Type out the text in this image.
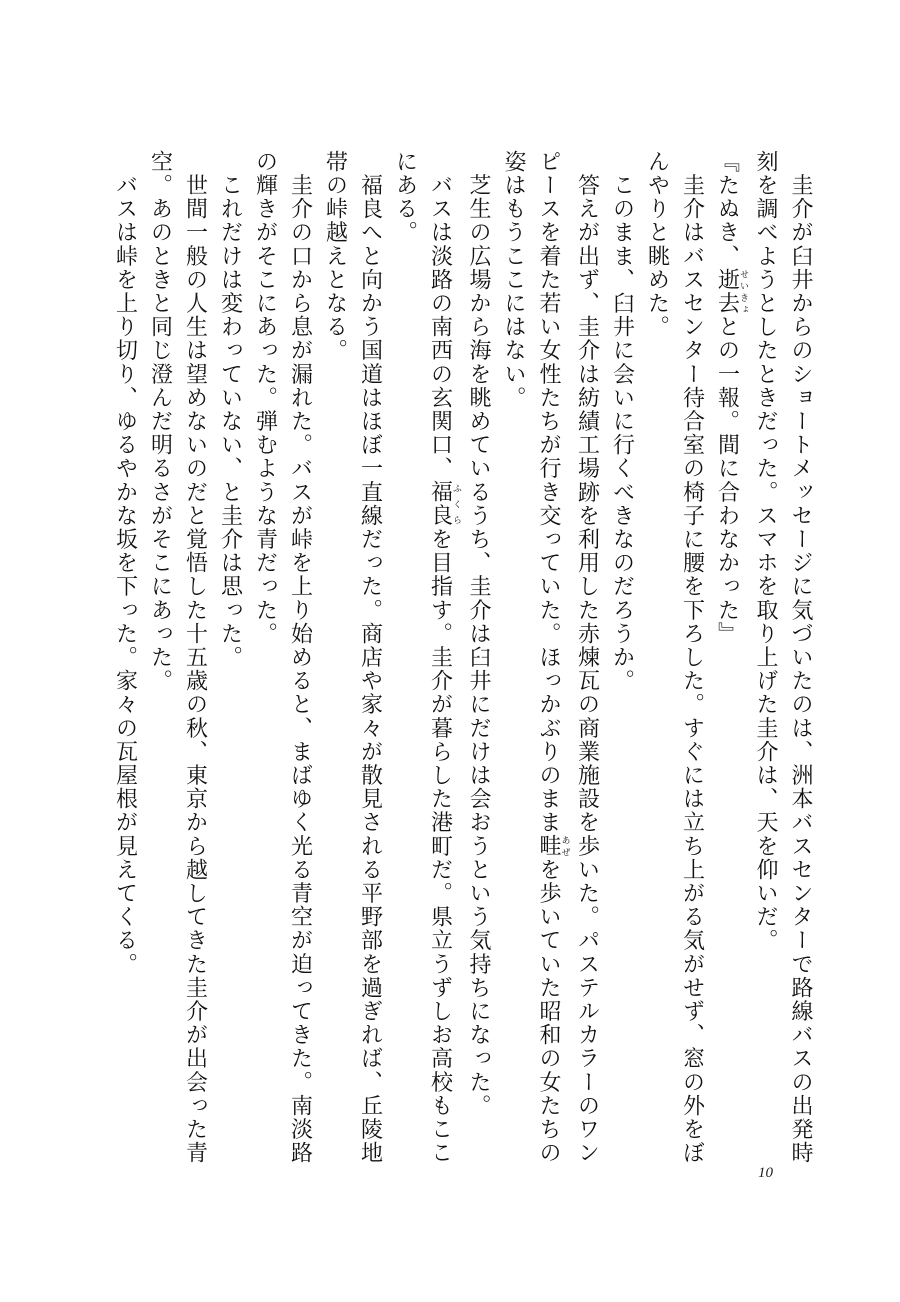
　圭介が臼井からのショートメッセージに気づいたのは、洲本バスセンターで路線バスの出発時
刻を調べようとしたときだった。スマホを取り上げた圭介は、天を仰いだ。
『たぬき、逝去せいきょとの一報。間に合わなかった』
　圭介はバスセンター待合室の椅子に腰を下ろした。すぐには立ち上がる気がせず、窓の外をぼ
んやりと眺めた。
　このまま、臼井に会いに行くべきなのだろうか。
　答えが出ず、圭介は紡績工場跡を利用した赤煉瓦の商業施設を歩いた。パステルカラーのワン
ピースを着た若い女性たちが行き交っていた。ほっかぶりのまま畦あぜを歩いていた昭和の女たちの
姿はもうここにはない。
　芝生の広場から海を眺めているうち、圭介は臼井にだけは会おうという気持ちになった。
　バスは淡路の南西の玄関口、福良ふくらを目指す。圭介が暮らした港町だ。県立うずしお高校もここ
にある。
　福良へと向かう国道はほぼ一直線だった。商店や家々が散見される平野部を過ぎれば、丘陵地
帯の峠越えとなる。
　圭介の口から息が漏れた。バスが峠を上り始めると、まばゆく光る青空が迫ってきた。南淡路
の輝きがそこにあった。弾むような青だった。
　これだけは変わっていない、と圭介は思った。
　世間一般の人生は望めないのだと覚悟した十五歳の秋、東京から越してきた圭介が出会った青
空。あのときと同じ澄んだ明るさがそこにあった。
　バスは峠を上り切り、ゆるやかな坂を下った。家々の瓦屋根が見えてくる。
10
